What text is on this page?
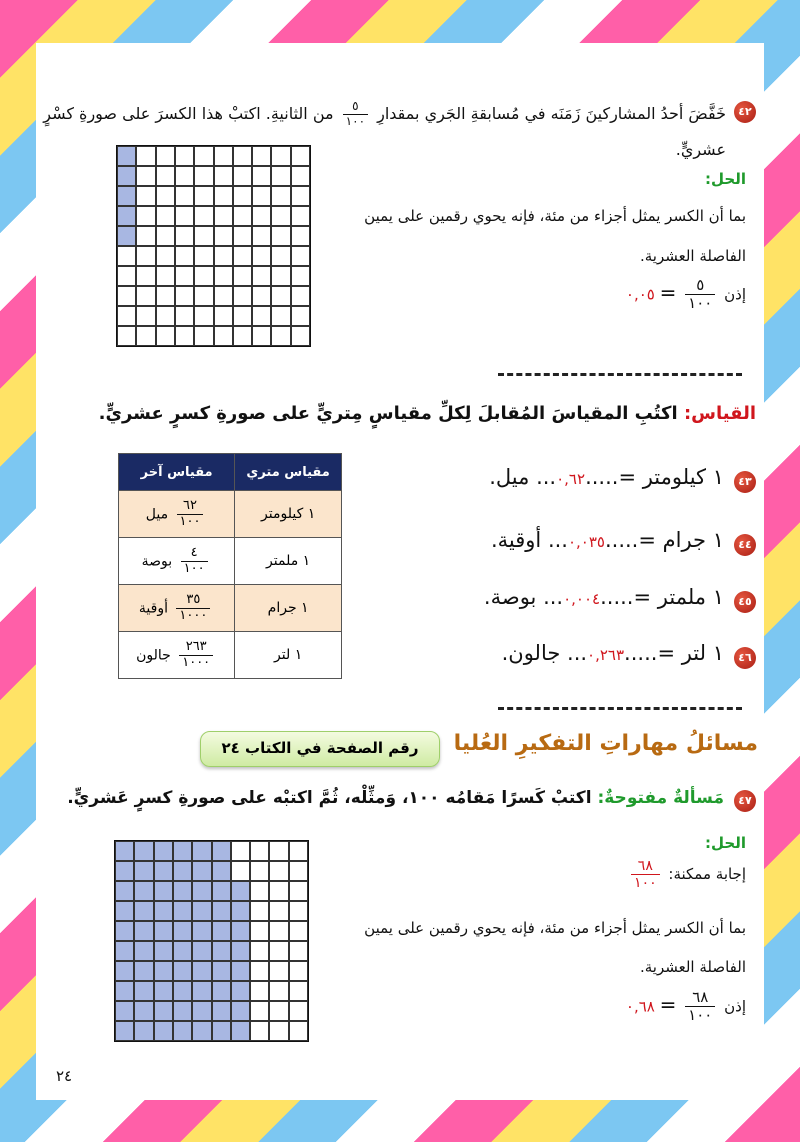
٤٢
خَفَّضَ أحدُ المشاركينَ زَمَنَه في مُسابقةِ الجَري بمقدارِ
$\frac{٥}{١٠٠}$
من الثانيةِ. اكتبْ هذا الكسرَ على صورةِ كسْرٍ
عشريٍّ.
الحل:
بما أن الكسر يمثل أجزاء من مئة، فإنه يحوي رقمين على يمين
الفاصلة العشرية.
إذن
$\frac{٥}{١٠٠}$
= ٠,٠٥
القياس: اكتُبِ المقياسَ المُقابلَ لِكلِّ مقياسٍ مِتريٍّ على صورةِ كسرٍ عشريٍّ.
مقياس متري	مقياس آخر
١ كيلومتر	$\frac{٦٢}{١٠٠}$
ميل
١ ملمتر	$\frac{٤}{١٠٠}$
بوصة
١ جرام	$\frac{٣٥}{١٠٠٠}$
أوقية
١ لتر	$\frac{٢٦٣}{١٠٠٠}$
جالون
٤٣
١ كيلومتر =.....٠,٦٢... ميل.
٤٤
١ جرام =.....٠,٠٣٥... أوقية.
٤٥
١ ملمتر =.....٠,٠٠٤... بوصة.
٤٦
١ لتر =.....٠,٢٦٣... جالون.
مسائلُ مهاراتِ التفكيرِ العُليا
رقم الصفحة في الكتاب ٢٤
٤٧
مَسألةٌ مفتوحةٌ: اكتبْ كَسرًا مَقامُه ١٠٠، وَمثِّلْه، ثُمَّ اكتبْه على صورةِ كسرٍ عَشريٍّ.
الحل:
إجابة ممكنة:
$\frac{٦٨}{١٠٠}$
بما أن الكسر يمثل أجزاء من مئة، فإنه يحوي رقمين على يمين
الفاصلة العشرية.
إذن
$\frac{٦٨}{١٠٠}$
= ٠,٦٨
٢٤
